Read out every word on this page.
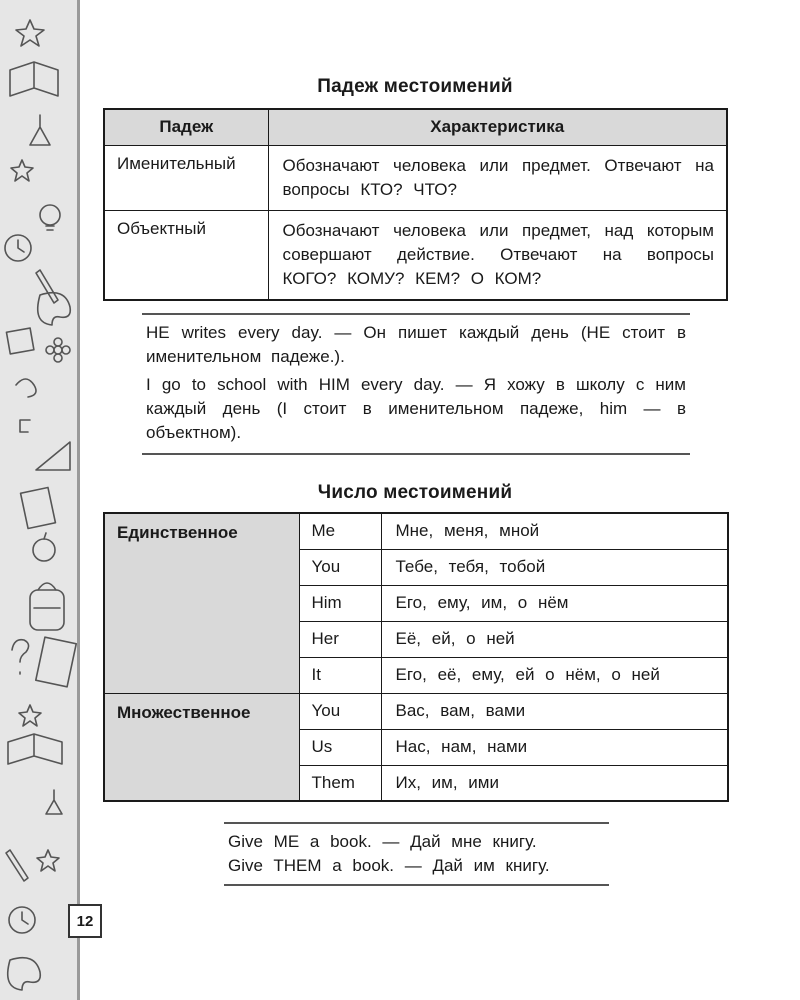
Падеж местоимений
Падеж	Характеристика
Именительный	Обозначают человека или предмет. Отвечают на вопросы КТО? ЧТО?
Объектный	Обозначают человека или предмет, над которым совершают действие. Отвечают на вопросы КОГО? КОМУ? КЕМ? О КОМ?

HE writes every day. — Он пишет каждый день (HE стоит в именительном падеже.).

I go to school with HIM every day. — Я хожу в школу с ним каждый день (I стоит в именительном падеже, him — в объектном).

Число местоимений
Единственное	Me	Мне, меня, мной
	You	Тебе, тебя, тобой
	Him	Его, ему, им, о нём
	Her	Её, ей, о ней
	It	Его, её, ему, ей о нём, о ней
Множественное	You	Вас, вам, вами
	Us	Нас, нам, нами
	Them	Их, им, ими

Give ME a book. — Дай мне книгу.

Give THEM a book. — Дай им книгу.

12
